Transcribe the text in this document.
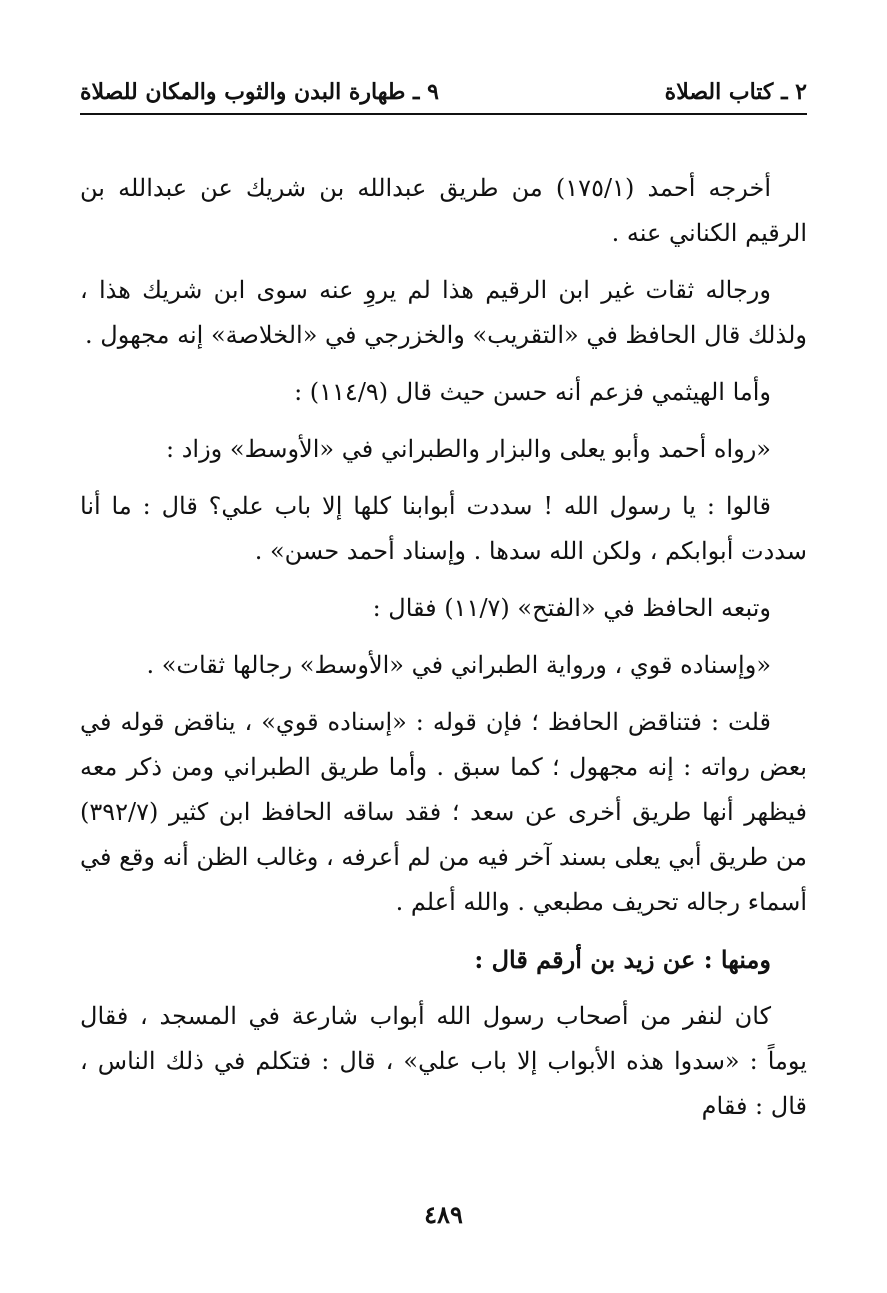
٢ ـ كتاب الصلاة
٩ ـ طهارة البدن والثوب والمكان للصلاة

أخرجه أحمد (١٧٥/١) من طريق عبدالله بن شريك عن عبدالله بن الرقيم الكناني عنه .

ورجاله ثقات غير ابن الرقيم هذا لم يروِ عنه سوى ابن شريك هذا ، ولذلك قال الحافظ في «التقريب» والخزرجي في «الخلاصة» إنه مجهول .

وأما الهيثمي فزعم أنه حسن حيث قال (١١٤/٩) :

«رواه أحمد وأبو يعلى والبزار والطبراني في «الأوسط» وزاد :

قالوا : يا رسول الله ! سددت أبوابنا كلها إلا باب علي؟ قال : ما أنا سددت أبوابكم ، ولكن الله سدها . وإسناد أحمد حسن» .

وتبعه الحافظ في «الفتح» (١١/٧) فقال :

«وإسناده قوي ، ورواية الطبراني في «الأوسط» رجالها ثقات» .

قلت : فتناقض الحافظ ؛ فإن قوله : «إسناده قوي» ، يناقض قوله في بعض رواته : إنه مجهول ؛ كما سبق . وأما طريق الطبراني ومن ذكر معه فيظهر أنها طريق أخرى عن سعد ؛ فقد ساقه الحافظ ابن كثير (٣٩٢/٧) من طريق أبي يعلى بسند آخر فيه من لم أعرفه ، وغالب الظن أنه وقع في أسماء رجاله تحريف مطبعي . والله أعلم .

ومنها : عن زيد بن أرقم قال :

كان لنفر من أصحاب رسول الله أبواب شارعة في المسجد ، فقال يوماً : «سدوا هذه الأبواب إلا باب علي» ، قال : فتكلم في ذلك الناس ، قال : فقام

٤٨٩
